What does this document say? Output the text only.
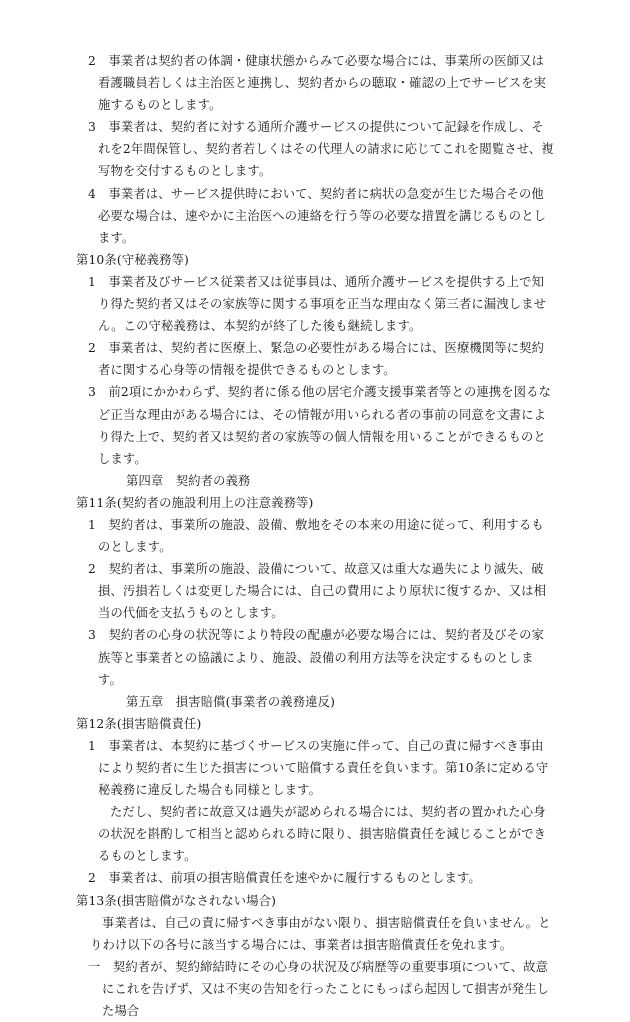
2　 事業者は契約者の体調・健康状態からみて必要な場合には、事業所の医師又は看護職員若しくは主治医と連携し、契約者からの聴取・確認の上でサービスを実施するものとします。

3　 事業者は、契約者に対する通所介護サービスの提供について記録を作成し、それを2年間保管し、契約者若しくはその代理人の請求に応じてこれを閲覧させ、複写物を交付するものとします。

4　 事業者は、サービス提供時において、契約者に病状の急変が生じた場合その他必要な場合は、速やかに主治医への連絡を行う等の必要な措置を講じるものとします。

第10条(守秘義務等)

1　 事業者及びサービス従業者又は従事員は、通所介護サービスを提供する上で知り得た契約者又はその家族等に関する事項を正当な理由なく第三者に漏洩しません。この守秘義務は、本契約が終了した後も継続します。

2　 事業者は、契約者に医療上、緊急の必要性がある場合には、医療機関等に契約者に関する心身等の情報を提供できるものとします。

3　 前2項にかかわらず、契約者に係る他の居宅介護支援事業者等との連携を図るなど正当な理由がある場合には、その情報が用いられる者の事前の同意を文書により得た上で、契約者又は契約者の家族等の個人情報を用いることができるものとします。

第四章　契約者の義務

第11条(契約者の施設利用上の注意義務等)

1　 契約者は、事業所の施設、設備、敷地をその本来の用途に従って、利用するものとします。

2　 契約者は、事業所の施設、設備について、故意又は重大な過失により滅失、破損、汚損若しくは変更した場合には、自己の費用により原状に復するか、又は相当の代価を支払うものとします。

3　 契約者の心身の状況等により特段の配慮が必要な場合には、契約者及びその家族等と事業者との協議により、施設、設備の利用方法等を決定するものとします。

第五章　損害賠償(事業者の義務違反)

第12条(損害賠償責任)

1　 事業者は、本契約に基づくサービスの実施に伴って、自己の責に帰すべき事由により契約者に生じた損害について賠償する責任を負います。第10条に定める守秘義務に違反した場合も同様とします。

ただし、契約者に故意又は過失が認められる場合には、契約者の置かれた心身の状況を斟酌して相当と認められる時に限り、損害賠償責任を減じることができるものとします。

2　 事業者は、前項の損害賠償責任を速やかに履行するものとします。

第13条(損害賠償がなされない場合)

事業者は、自己の責に帰すべき事由がない限り、損害賠償責任を負いません。とりわけ以下の各号に該当する場合には、事業者は損害賠償責任を免れます。

一　 契約者が、契約締結時にその心身の状況及び病歴等の重要事項について、故意にこれを告げず、又は不実の告知を行ったことにもっぱら起因して損害が発生した場合
